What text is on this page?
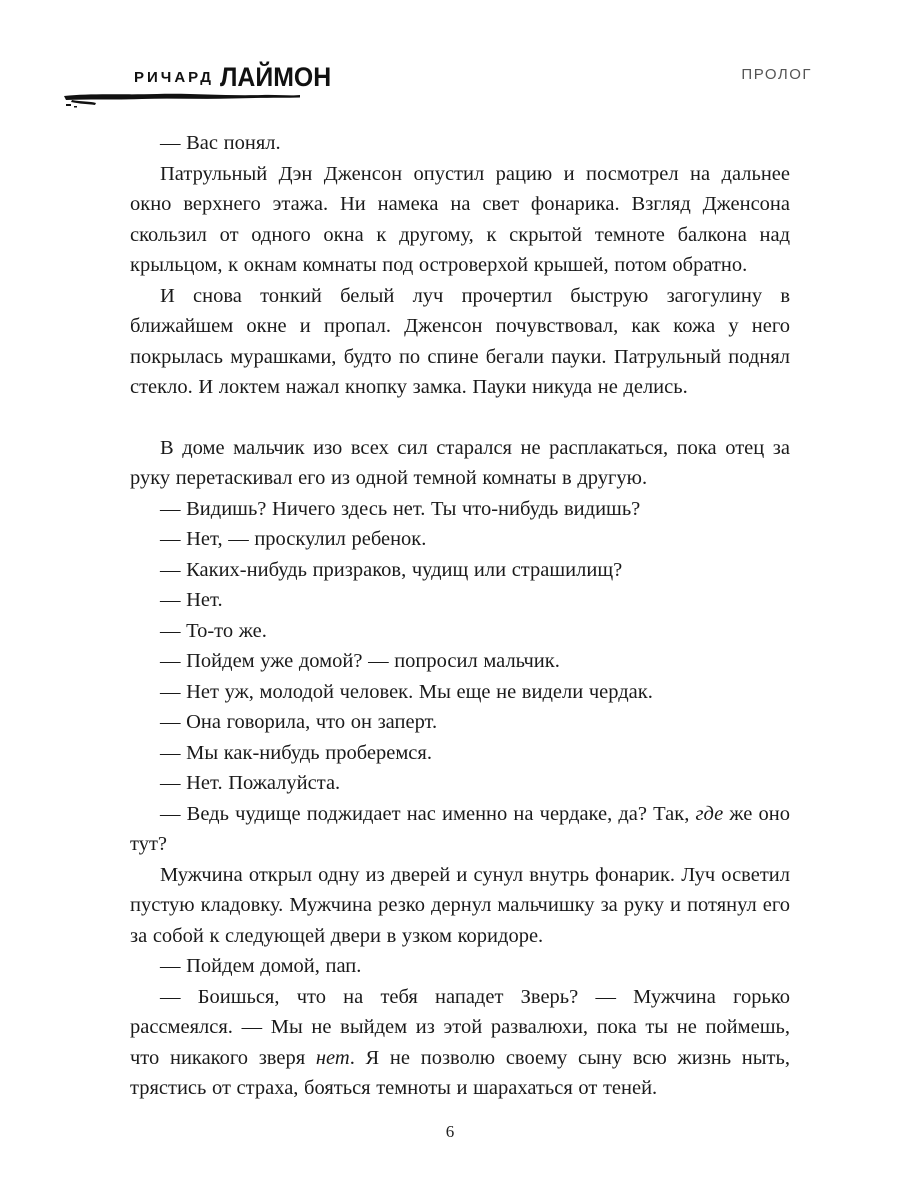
РИЧАРД ЛАЙМОН	ПРОЛОГ

— Вас понял.

Патрульный Дэн Дженсон опустил рацию и посмотрел на дальнее окно верхнего этажа. Ни намека на свет фонарика. Взгляд Дженсона скользил от одного окна к другому, к скрытой темноте балкона над крыльцом, к окнам комнаты под островерхой крышей, потом обратно.

И снова тонкий белый луч прочертил быструю загогулину в ближайшем окне и пропал. Дженсон почувствовал, как кожа у него покрылась мурашками, будто по спине бегали пауки. Патрульный поднял стекло. И локтем нажал кнопку замка. Пауки никуда не делись.

В доме мальчик изо всех сил старался не расплакаться, пока отец за руку перетаскивал его из одной темной комнаты в другую.

— Видишь? Ничего здесь нет. Ты что-нибудь видишь?

— Нет, — проскулил ребенок.

— Каких-нибудь призраков, чудищ или страшилищ?

— Нет.

— То-то же.

— Пойдем уже домой? — попросил мальчик.

— Нет уж, молодой человек. Мы еще не видели чердак.

— Она говорила, что он заперт.

— Мы как-нибудь проберемся.

— Нет. Пожалуйста.

— Ведь чудище поджидает нас именно на чердаке, да? Так, где же оно тут?

Мужчина открыл одну из дверей и сунул внутрь фонарик. Луч осветил пустую кладовку. Мужчина резко дернул мальчишку за руку и потянул его за собой к следующей двери в узком коридоре.

— Пойдем домой, пап.

— Боишься, что на тебя нападет Зверь? — Мужчина горько рассмеялся. — Мы не выйдем из этой развалюхи, пока ты не поймешь, что никакого зверя нет. Я не позволю своему сыну всю жизнь ныть, трястись от страха, бояться темноты и шарахаться от теней.

6
